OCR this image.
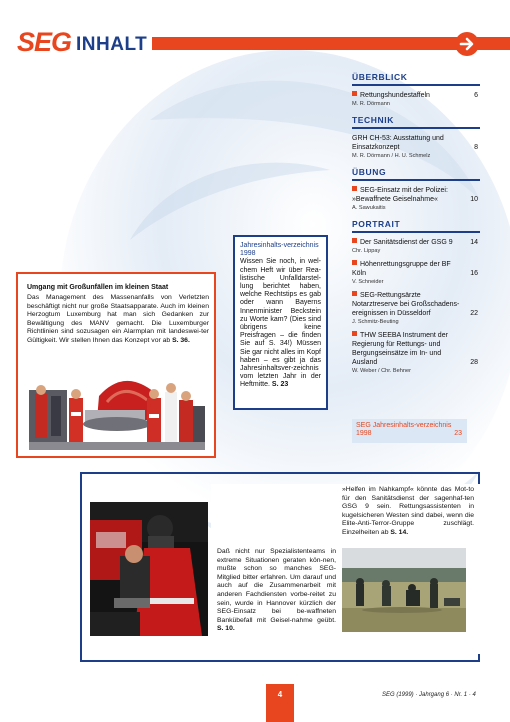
SEG INHALT
ÜBERBLICK
Rettungshundestaffeln
M. R. Dörmann
6
TECHNIK
GRH CH-53: Ausstattung und Einsatzkonzept
M. R. Dörmann / H. U. Schmelz
8
ÜBUNG
SEG-Einsatz mit der Polizei: »Bewaffnete Geiselnahme«
A. Sawukaitis
10
PORTRAIT
Der Sanitätsdienst der GSG 9
Chr. Lippay
14
Höhenrettungsgruppe der BF Köln
V. Schneider
16
SEG-Rettungsärzte Notarztreserve bei Großschadens-ereignissen in Düsseldorf
J. Schmitz-Beuting
22
THW SEEBA Instrument der Regierung für Rettungs- und Bergungseinsätze im In- und Ausland
W. Weber / Chr. Behner
28
SEG Jahresinhalts-verzeichnis 1998	23
Jahresinhalts-verzeichnis 1998
Wissen Sie noch, in wel-chem Heft wir über Rea-listische Unfalldarstel-lung berichtet haben, welche Rechtstips es gab oder wann Bayerns Innenminister Beckstein zu Worte kam? (Dies sind übrigens keine Preisfragen – die finden Sie auf S. 34!) Müssen Sie gar nicht alles im Kopf haben – es gibt ja das Jahresinhaltsver-zeichnis vom letzten Jahr in der Heftmitte. S. 23
Umgang mit Großunfällen im kleinen Staat
Das Management des Massenanfalls von Verletzten beschäftigt nicht nur große Staatsapparate. Auch im kleinen Herzogtum Luxemburg hat man sich Gedanken zur Bewältigung des MANV gemacht. Die Luxemburger Richtlinien sind sozusagen ein Alarmplan mit landeswei-ter Gültigkeit. Wir stellen Ihnen das Konzept vor ab S. 36.
Daß nicht nur Spezialistenteams in extreme Situationen geraten kön-nen, mußte schon so manches SEG-Mitglied bitter erfahren. Um darauf und auch auf die Zusammenarbeit mit anderen Fachdiensten vorbe-reitet zu sein, wurde in Hannover kürzlich der SEG-Einsatz bei be-waffneten Bankübefall mit Geisel-nahme geübt. S. 10.
»Helfen im Nahkampf« könnte das Mot-to für den Sanitätsdienst der sagenhaf-ten GSG 9 sein. Rettungsassistenten in kugelsicheren Westen sind dabei, wenn die Elite-Anti-Terror-Gruppe zuschlägt. Einzelheiten ab S. 14.
4	SEG (1999) · Jahrgang 6 · Nr. 1 · 4
